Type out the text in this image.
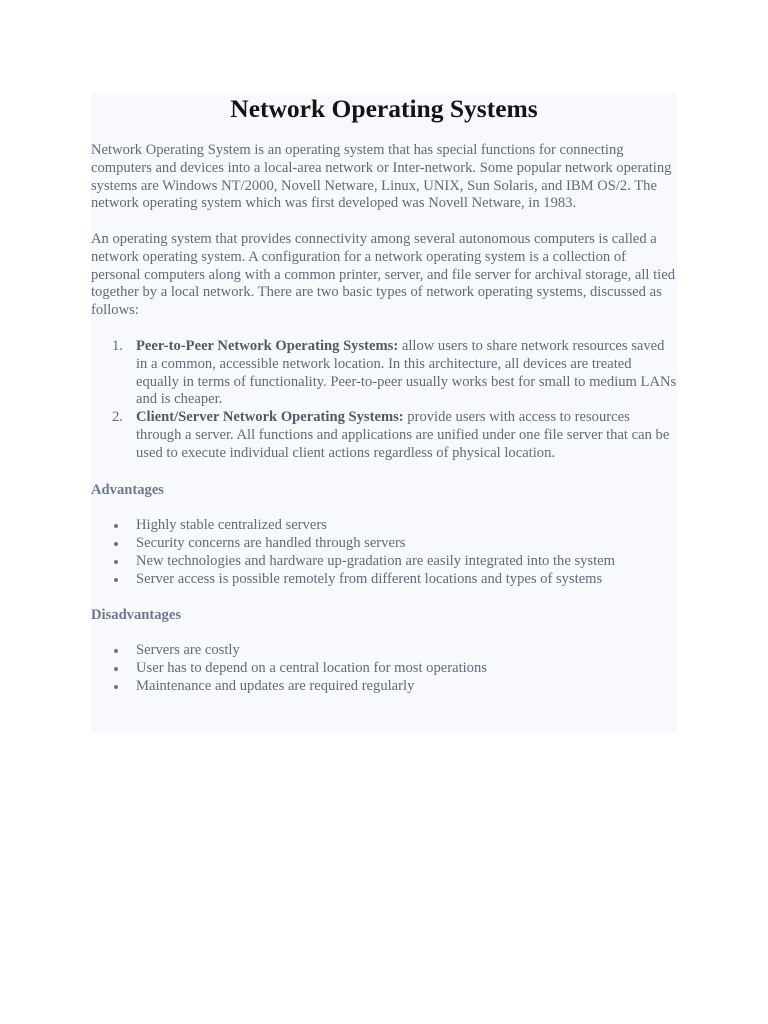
Network Operating Systems

Network Operating System is an operating system that has special functions for connecting computers and devices into a local-area network or Inter-network. Some popular network operating systems are Windows NT/2000, Novell Netware, Linux, UNIX, Sun Solaris, and IBM OS/2. The network operating system which was first developed was Novell Netware, in 1983.

An operating system that provides connectivity among several autonomous computers is called a network operating system. A configuration for a network operating system is a collection of personal computers along with a common printer, server, and file server for archival storage, all tied together by a local network. There are two basic types of network operating systems, discussed as follows:

1. Peer-to-Peer Network Operating Systems: allow users to share network resources saved in a common, accessible network location. In this architecture, all devices are treated equally in terms of functionality. Peer-to-peer usually works best for small to medium LANs and is cheaper.
2. Client/Server Network Operating Systems: provide users with access to resources through a server. All functions and applications are unified under one file server that can be used to execute individual client actions regardless of physical location.
Advantages
Highly stable centralized servers
Security concerns are handled through servers
New technologies and hardware up-gradation are easily integrated into the system
Server access is possible remotely from different locations and types of systems
Disadvantages
Servers are costly
User has to depend on a central location for most operations
Maintenance and updates are required regularly
